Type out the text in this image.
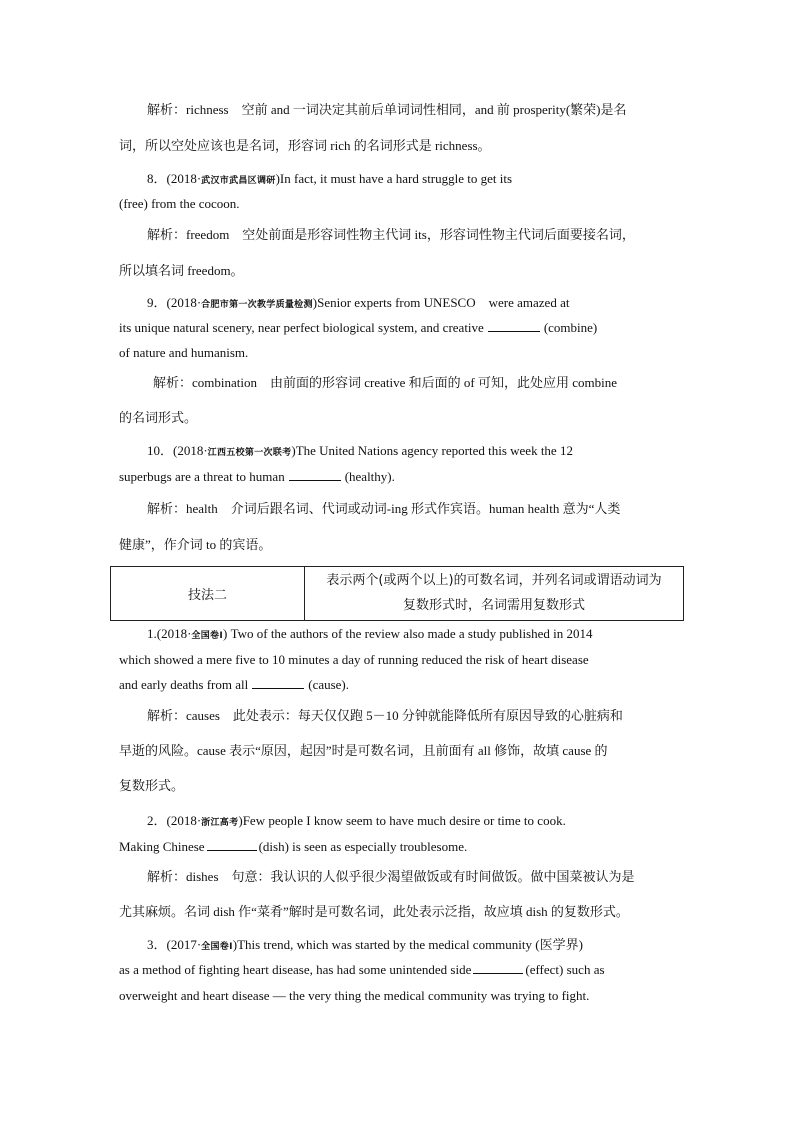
解析：richness　空前 and 一词决定其前后单词词性相同，and 前 prosperity(繁荣)是名
词，所以空处应该也是名词，形容词 rich 的名词形式是 richness。
8．(2018·武汉市武昌区调研)In fact, it must have a hard struggle to get its
(free) from the cocoon.
解析：freedom　空处前面是形容词性物主代词 its，形容词性物主代词后面要接名词，
所以填名词 freedom。
9．(2018·合肥市第一次教学质量检测)Senior experts from UNESCO　were amazed at
its unique natural scenery, near perfect biological system, and creative	(combine)
of nature and humanism.
解析：combination　由前面的形容词 creative 和后面的 of 可知，此处应用 combine
的名词形式。
10．(2018·江西五校第一次联考)The United Nations agency reported this week the 12
superbugs are a threat to human	(healthy).
解析：health　介词后跟名词、代词或动词-ing 形式作宾语。human health 意为“人类
健康”，作介词 to 的宾语。
技法二
表示两个(或两个以上)的可数名词，并列名词或谓语动词为
复数形式时，名词需用复数形式
1.(2018·全国卷Ⅰ) Two of the authors of the review also made a study published in 2014
which showed a mere five to 10 minutes a day of running reduced the risk of heart disease
and early deaths from all	(cause).
解析：causes　此处表示：每天仅仅跑 5－10 分钟就能降低所有原因导致的心脏病和
早逝的风险。cause 表示“原因，起因”时是可数名词，且前面有 all 修饰，故填 cause 的
复数形式。
2．(2018·浙江高考)Few people I know seem to have much desire or time to cook.
Making Chinese	(dish) is seen as especially troublesome.
解析：dishes　句意：我认识的人似乎很少渴望做饭或有时间做饭。做中国菜被认为是
尤其麻烦。名词 dish 作“菜肴”解时是可数名词，此处表示泛指，故应填 dish 的复数形式。
3．(2017·全国卷Ⅰ)This trend, which was started by the medical community (医学界)
as a method of fighting heart disease, has had some unintended side	(effect) such as
overweight and heart disease — the very thing the medical community was trying to fight.
